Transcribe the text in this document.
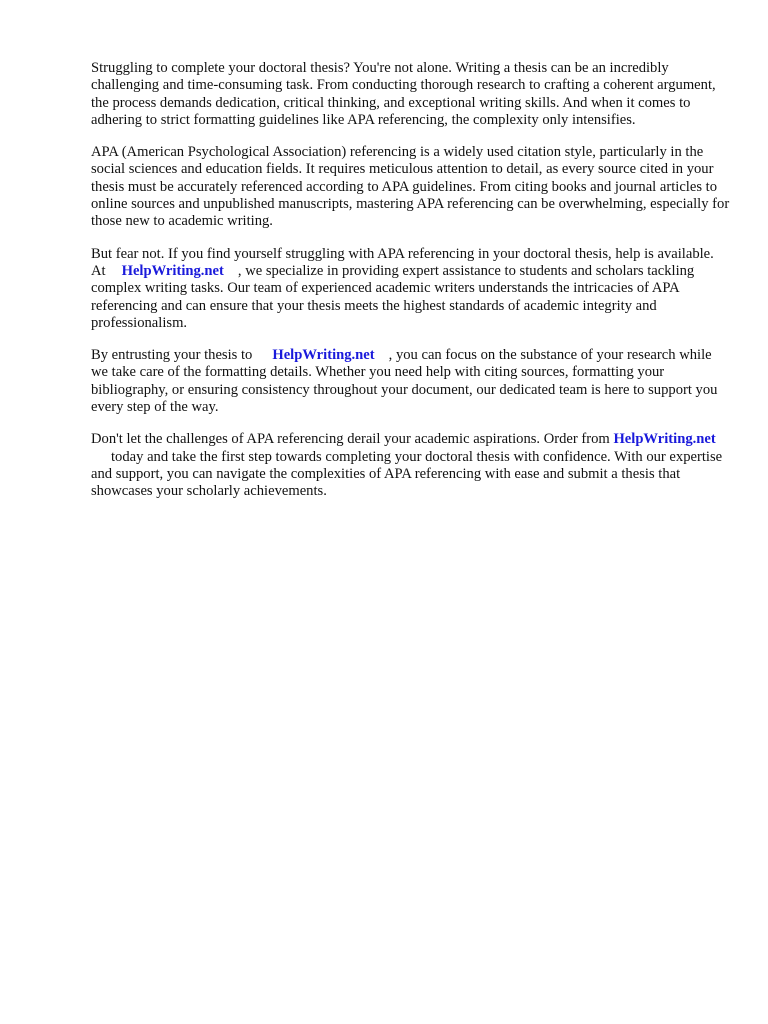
Struggling to complete your doctoral thesis? You're not alone. Writing a thesis can be an incredibly challenging and time-consuming task. From conducting thorough research to crafting a coherent argument, the process demands dedication, critical thinking, and exceptional writing skills. And when it comes to adhering to strict formatting guidelines like APA referencing, the complexity only intensifies.

APA (American Psychological Association) referencing is a widely used citation style, particularly in the social sciences and education fields. It requires meticulous attention to detail, as every source cited in your thesis must be accurately referenced according to APA guidelines. From citing books and journal articles to online sources and unpublished manuscripts, mastering APA referencing can be overwhelming, especially for those new to academic writing.

But fear not. If you find yourself struggling with APA referencing in your doctoral thesis, help is available. At HelpWriting.net , we specialize in providing expert assistance to students and scholars tackling complex writing tasks. Our team of experienced academic writers understands the intricacies of APA referencing and can ensure that your thesis meets the highest standards of academic integrity and professionalism.

By entrusting your thesis to HelpWriting.net , you can focus on the substance of your research while we take care of the formatting details. Whether you need help with citing sources, formatting your bibliography, or ensuring consistency throughout your document, our dedicated team is here to support you every step of the way.

Don't let the challenges of APA referencing derail your academic aspirations. Order from HelpWriting.nettoday and take the first step towards completing your doctoral thesis with confidence. With our expertise and support, you can navigate the complexities of APA referencing with ease and submit a thesis that showcases your scholarly achievements.
